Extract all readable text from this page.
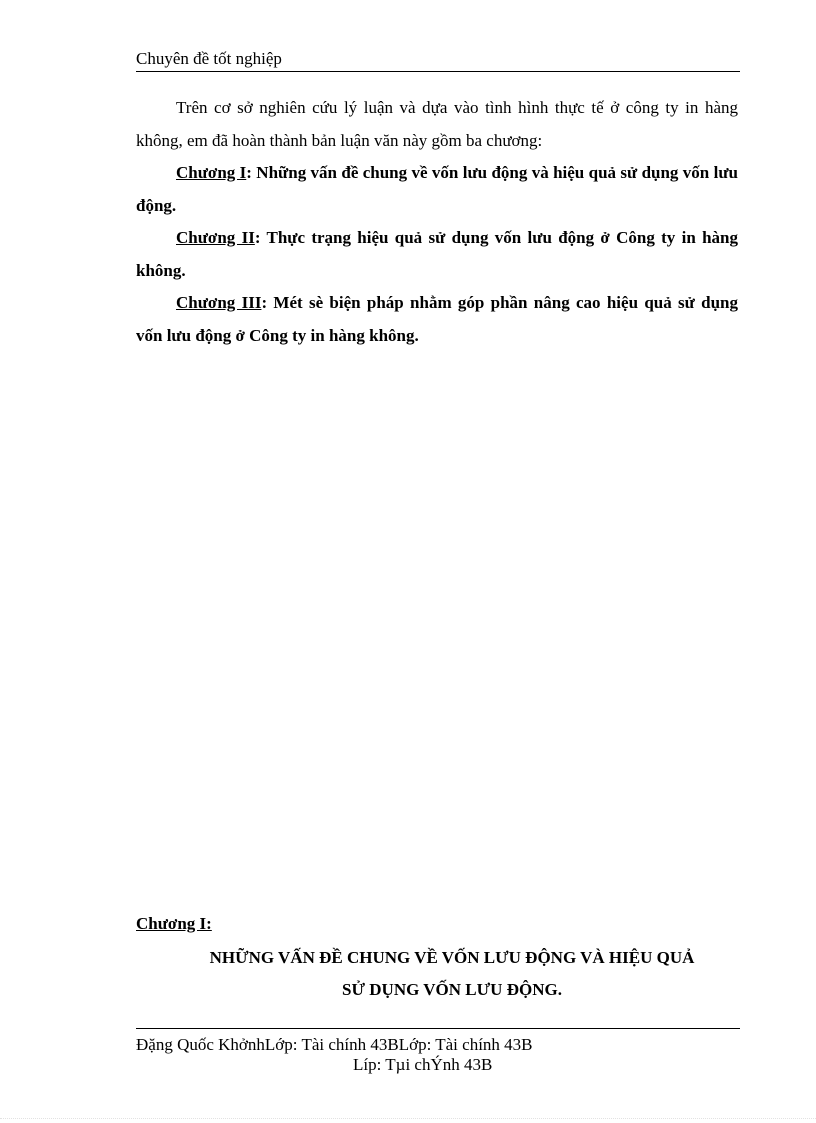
Chuyên đề tốt nghiệp

Trên cơ sở nghiên cứu lý luận và dựa vào tình hình thực tế ở công ty in hàng không, em đã hoàn thành bản luận văn này gồm ba chương:

Chương I: Những vấn đề chung về vốn lưu động và hiệu quả sử dụng vốn lưu động.

Chương II: Thực trạng hiệu quả sử dụng vốn lưu động ở Công ty in hàng không.

Chương III: Mét sè biện pháp nhằm góp phần nâng cao hiệu quả sử dụng vốn lưu động ở Công ty in hàng không.

Chương I:
NHỮNG VẤN ĐỀ CHUNG VỀ VỐN LƯU ĐỘNG VÀ HIỆU QUẢ
SỬ DỤNG VỐN LƯU ĐỘNG.
Đặng Quốc KhởnhLớp: Tài chính 43BLớp: Tài chính 43B
Líp: Tµi chÝnh 43B
